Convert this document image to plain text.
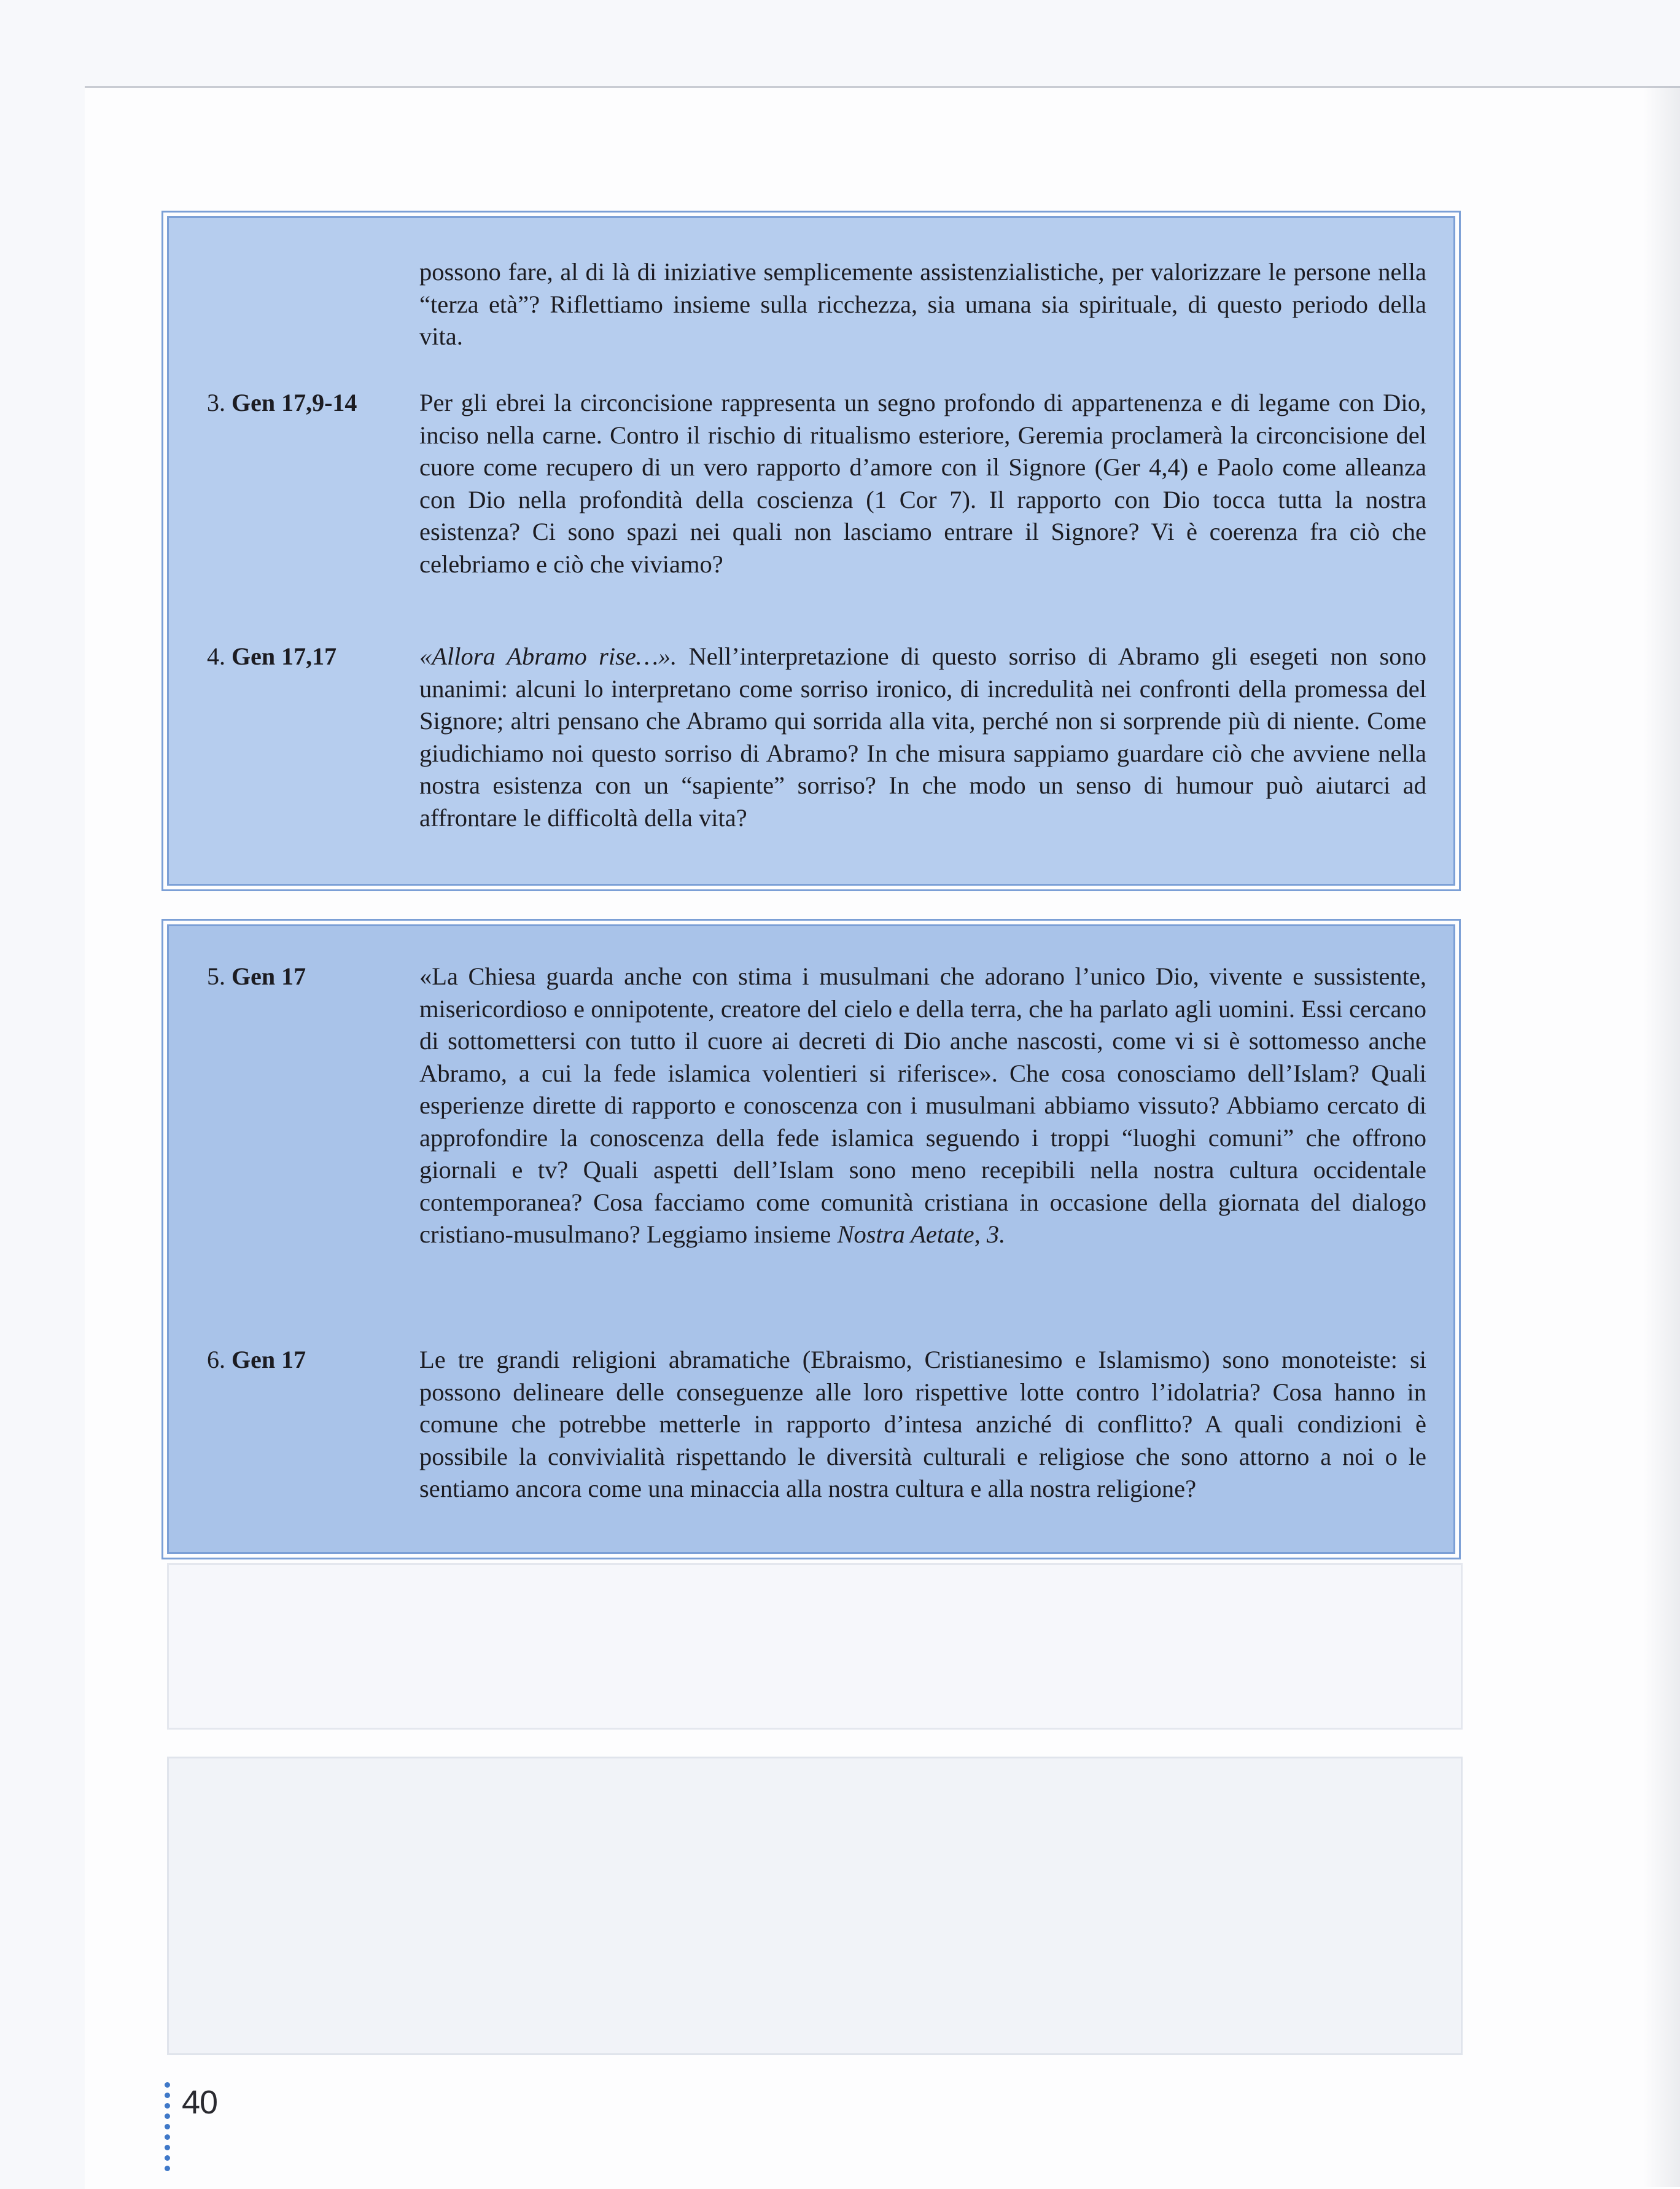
possono fare, al di là di iniziative semplicemente assistenzialistiche, per valorizzare le persone nella “terza età”? Riflettiamo insieme sulla ricchezza, sia umana sia spirituale, di questo periodo della vita.

3. Gen 17,9-14	Per gli ebrei la circoncisione rappresenta un segno profondo di appartenenza e di legame con Dio, inciso nella carne. Contro il rischio di ritualismo esteriore, Geremia proclamerà la circoncisione del cuore come recupero di un vero rapporto d’amore con il Signore (Ger 4,4) e Paolo come alleanza con Dio nella profondità della coscienza (1 Cor 7). Il rapporto con Dio tocca tutta la nostra esistenza? Ci sono spazi nei quali non lasciamo entrare il Signore? Vi è coerenza fra ciò che celebriamo e ciò che viviamo?

4. Gen 17,17	«Allora Abramo rise…». Nell’interpretazione di questo sorriso di Abramo gli esegeti non sono unanimi: alcuni lo interpretano come sorriso ironico, di incredulità nei confronti della promessa del Signore; altri pensano che Abramo qui sorrida alla vita, perché non si sorprende più di niente. Come giudichiamo noi questo sorriso di Abramo? In che misura sappiamo guardare ciò che avviene nella nostra esistenza con un “sapiente” sorriso? In che modo un senso di humour può aiutarci ad affrontare le difficoltà della vita?

5. Gen 17	«La Chiesa guarda anche con stima i musulmani che adorano l’unico Dio, vivente e sussistente, misericordioso e onnipotente, creatore del cielo e della terra, che ha parlato agli uomini. Essi cercano di sottomettersi con tutto il cuore ai decreti di Dio anche nascosti, come vi si è sottomesso anche Abramo, a cui la fede islamica volentieri si riferisce». Che cosa conosciamo dell’Islam? Quali esperienze dirette di rapporto e conoscenza con i musulmani abbiamo vissuto? Abbiamo cercato di approfondire la conoscenza della fede islamica seguendo i troppi “luoghi comuni” che offrono giornali e tv? Quali aspetti dell’Islam sono meno recepibili nella nostra cultura occidentale contemporanea? Cosa facciamo come comunità cristiana in occasione della giornata del dialogo cristiano-musulmano? Leggiamo insieme Nostra Aetate, 3.

6. Gen 17	Le tre grandi religioni abramatiche (Ebraismo, Cristianesimo e Islamismo) sono monoteiste: si possono delineare delle conseguenze alle loro rispettive lotte contro l’idolatria? Cosa hanno in comune che potrebbe metterle in rapporto d’intesa anziché di conflitto? A quali condizioni è possibile la convivialità rispettando le diversità culturali e religiose che sono attorno a noi o le sentiamo ancora come una minaccia alla nostra cultura e alla nostra religione?

40
